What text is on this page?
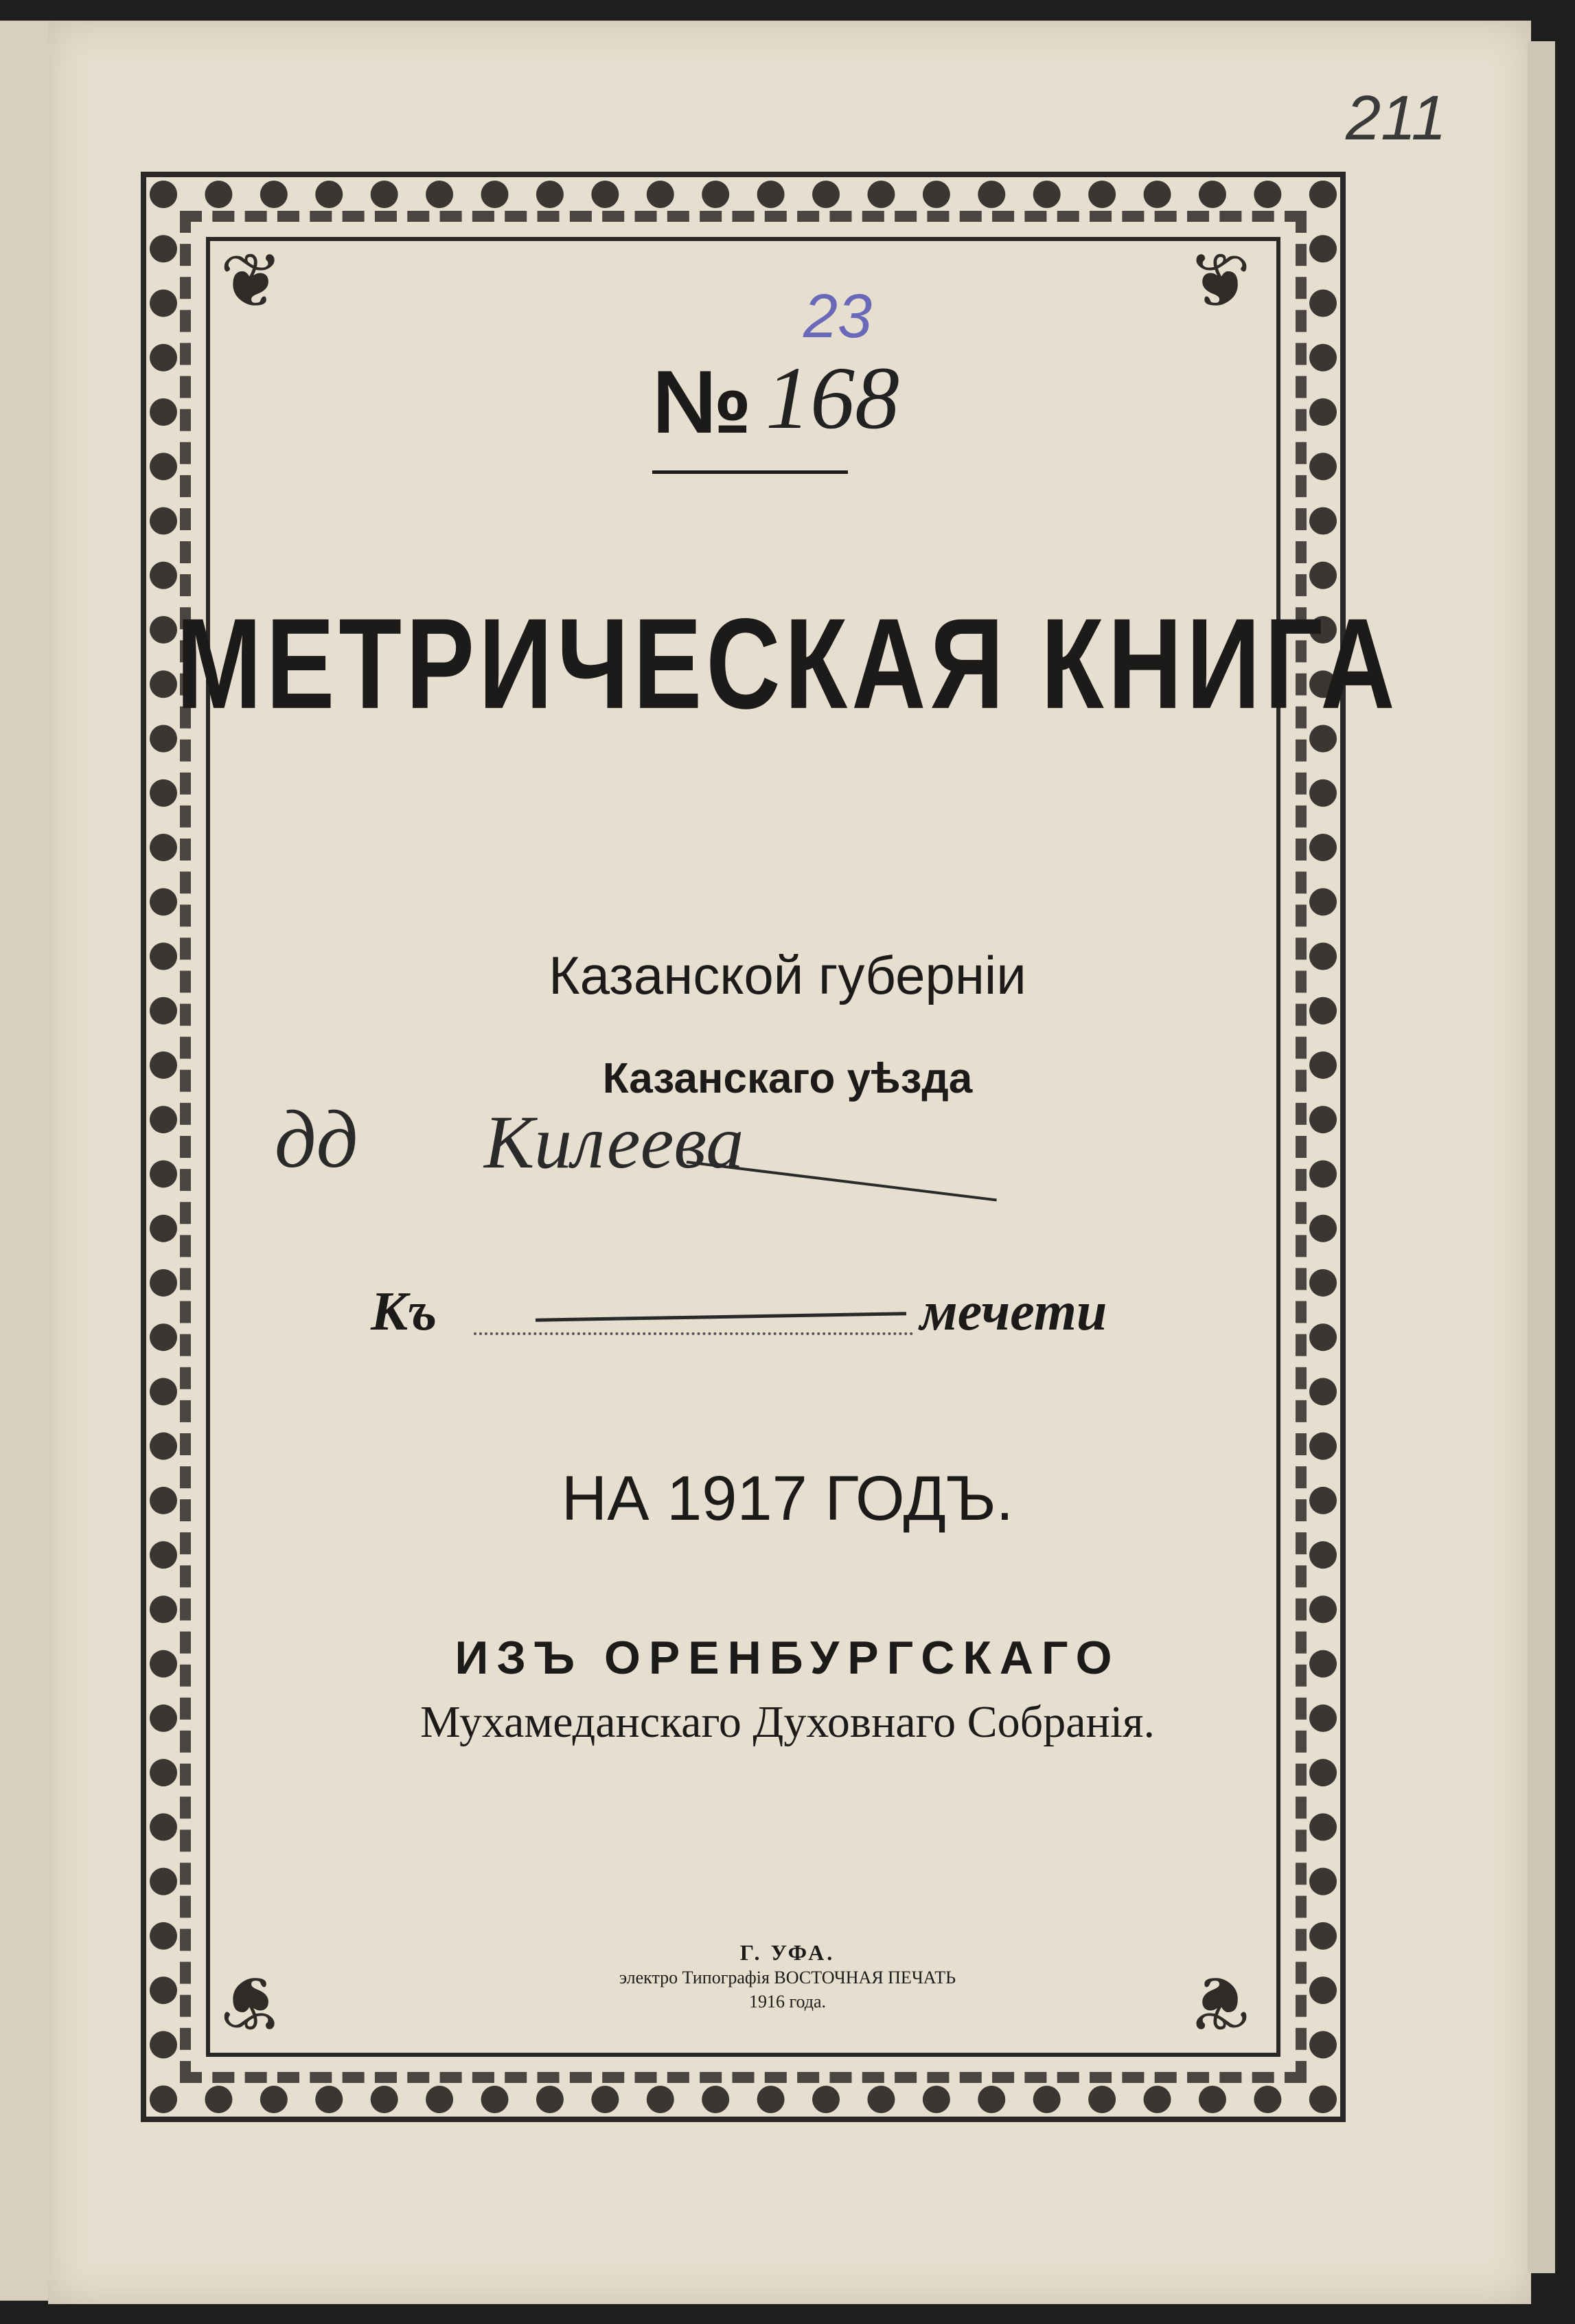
211
❦	❦
❦	❦
23
№ 168
МЕТРИЧЕСКАЯ КНИГА
Казанской губерніи
Казанскаго уѣзда
дд Килеева
Къ	мечети
НА 1917 ГОДЪ.
ИЗЪ ОРЕНБУРГСКАГО
Мухамеданскаго Духовнаго Собранія.
Г. УФА.
электро Типографія ВОСТОЧНАЯ ПЕЧАТЬ
1916 года.
